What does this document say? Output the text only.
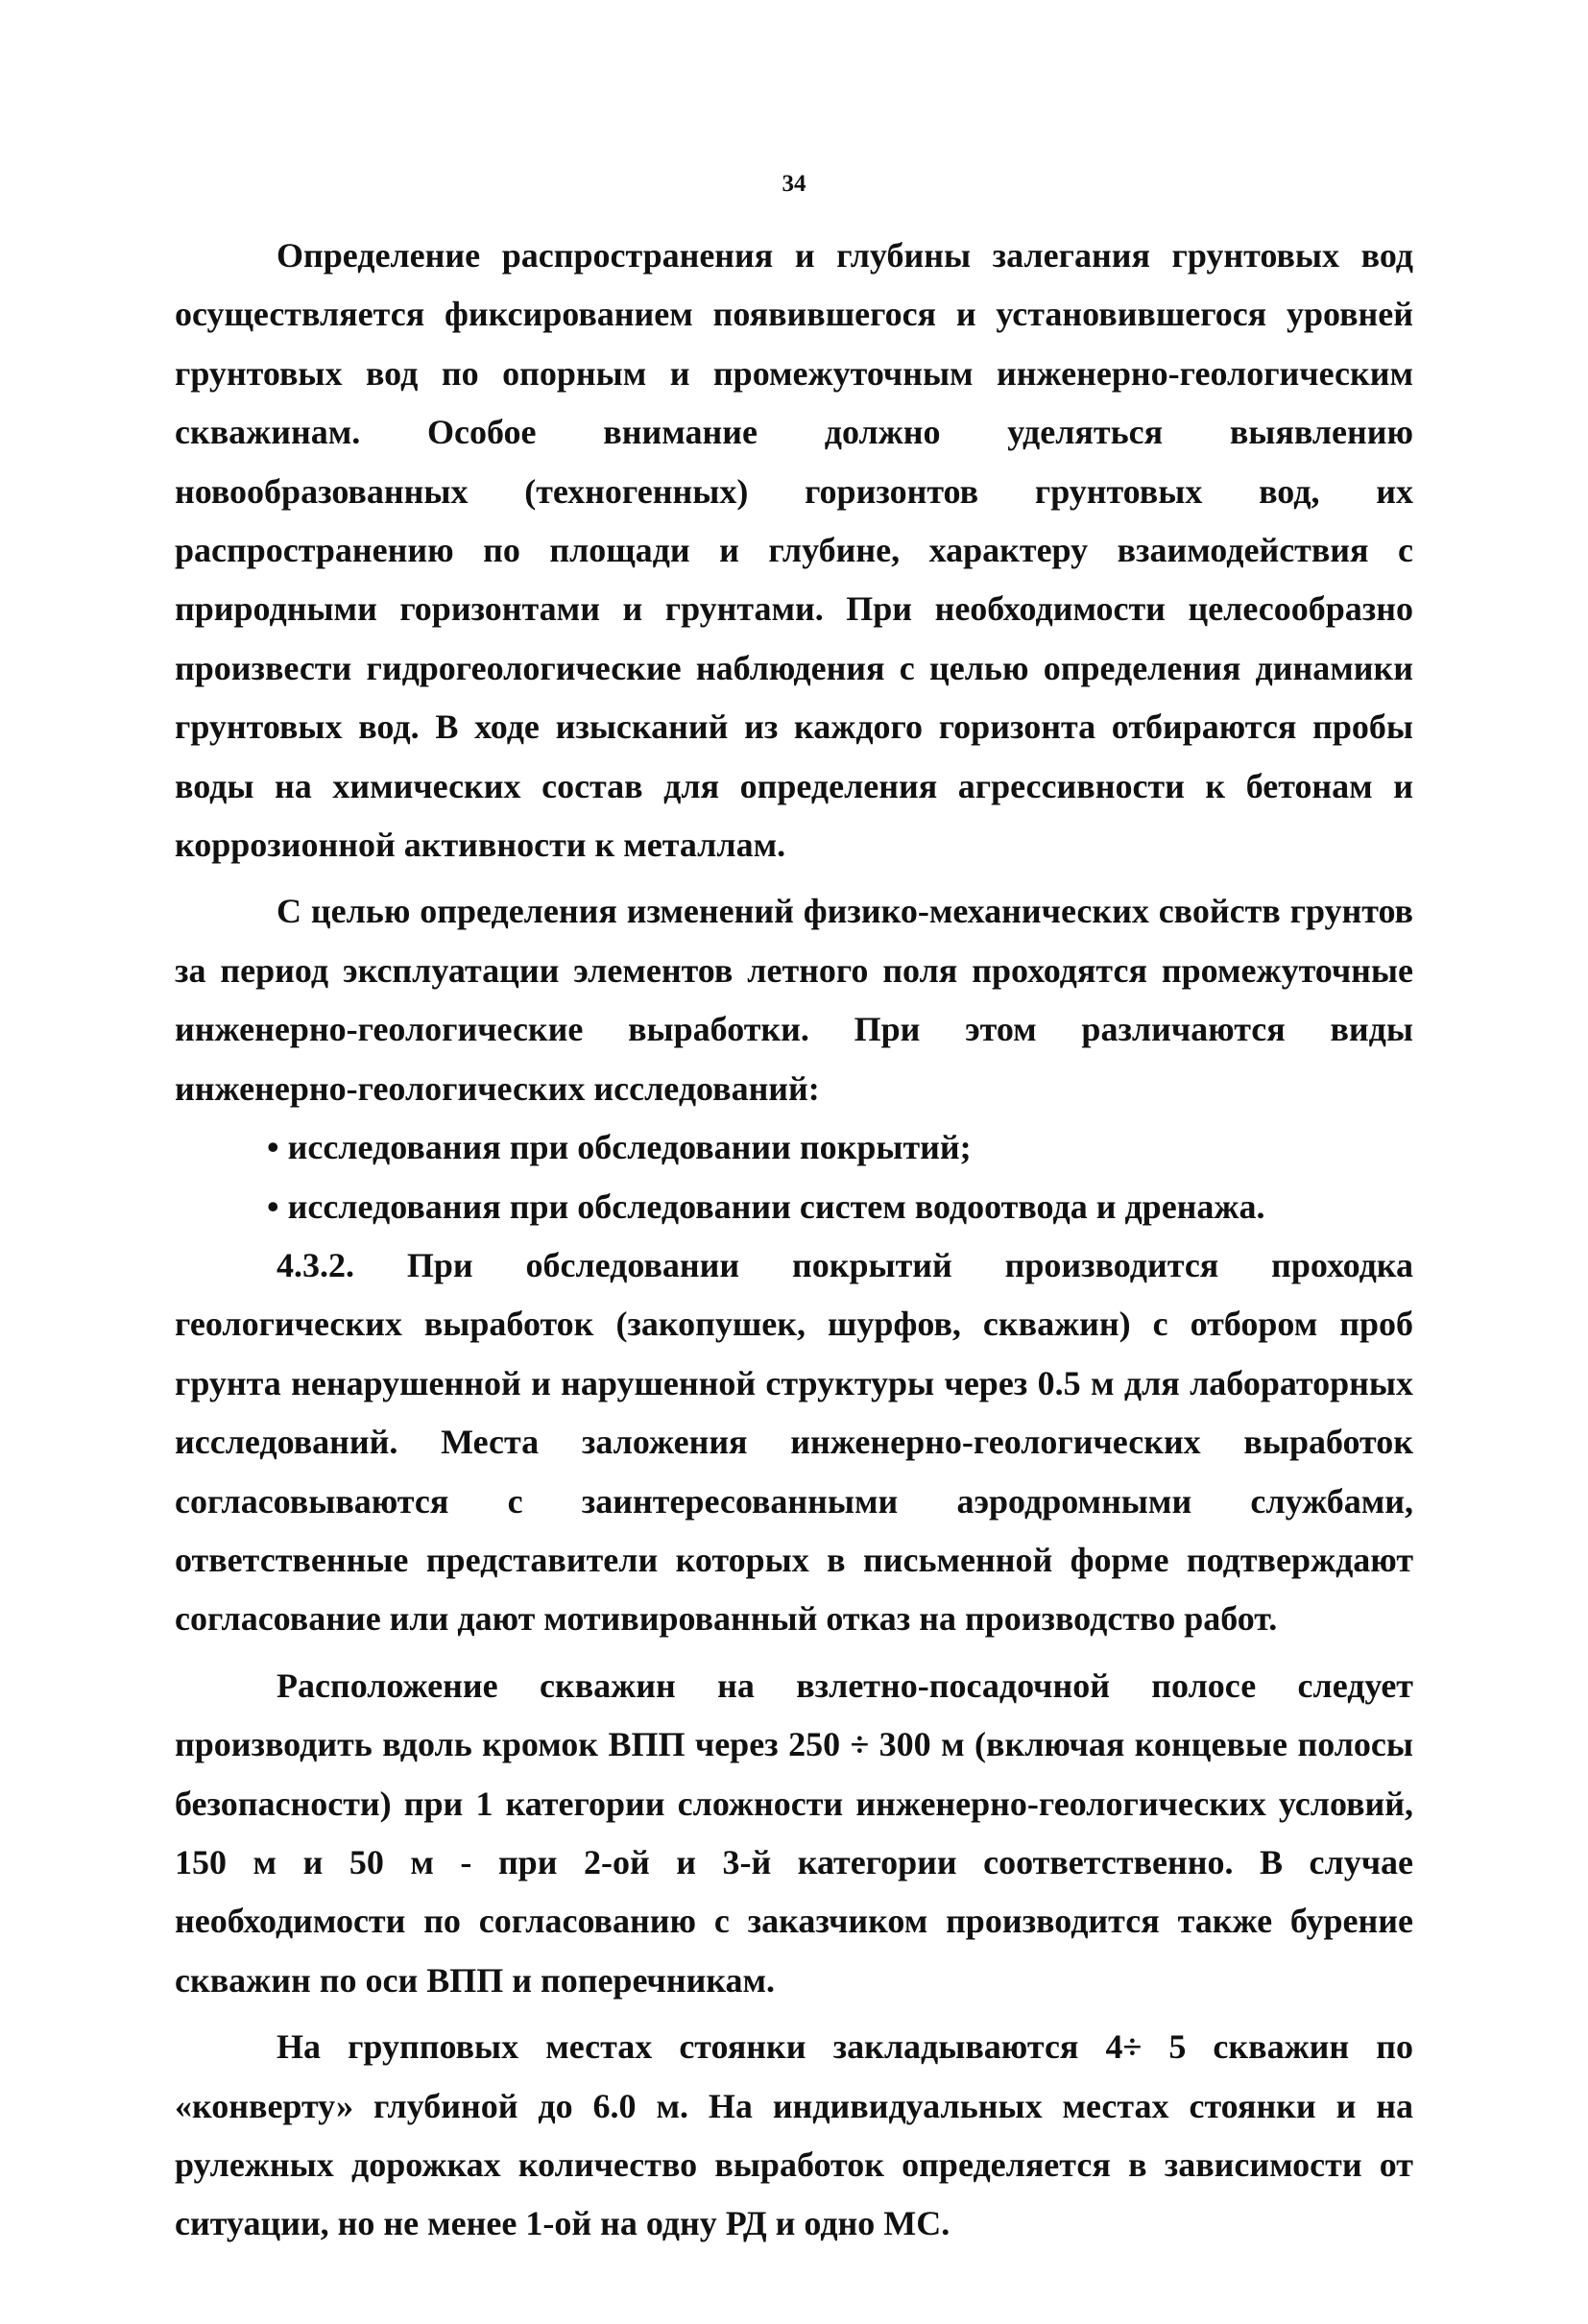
34

Определение распространения и глубины залегания грунтовых вод осуществляется фиксированием появившегося и установившегося уровней грунтовых вод по опорным и промежуточным инженерно-геологическим скважинам. Особое внимание должно уделяться выявлению новообразованных (техногенных) горизонтов грунтовых вод, их распространению по площади и глубине, характеру взаимодействия с природными горизонтами и грунтами. При необходимости целесообразно произвести гидрогеологические наблюдения с целью определения динамики грунтовых вод. В ходе изысканий из каждого горизонта отбираются пробы воды на химических состав для определения агрессивности к бетонам и коррозионной активности к металлам.

С целью определения изменений физико-механических свойств грунтов за период эксплуатации элементов летного поля проходятся промежуточные инженерно-геологические выработки. При этом различаются виды инженерно-геологических исследований:

• исследования при обследовании покрытий;

• исследования при обследовании систем водоотвода и дренажа.

4.3.2. При обследовании покрытий производится проходка геологических выработок (закопушек, шурфов, скважин) с отбором проб грунта ненарушенной и нарушенной структуры через 0.5 м для лабораторных исследований. Места заложения инженерно-геологических выработок согласовываются с заинтересованными аэродромными службами, ответственные представители которых в письменной форме подтверждают согласование или дают мотивированный отказ на производство работ.

Расположение скважин на взлетно-посадочной полосе следует производить вдоль кромок ВПП через 250 ÷ 300 м (включая концевые полосы безопасности) при 1 категории сложности инженерно-геологических условий, 150 м и 50 м - при 2-ой и 3-й категории соответственно. В случае необходимости по согласованию с заказчиком производится также бурение скважин по оси ВПП и поперечникам.

На групповых местах стоянки закладываются 4÷ 5 скважин по «конверту» глубиной до 6.0 м. На индивидуальных местах стоянки и на рулежных дорожках количество выработок определяется в зависимости от ситуации, но не менее 1-ой на одну РД и одно МС.
